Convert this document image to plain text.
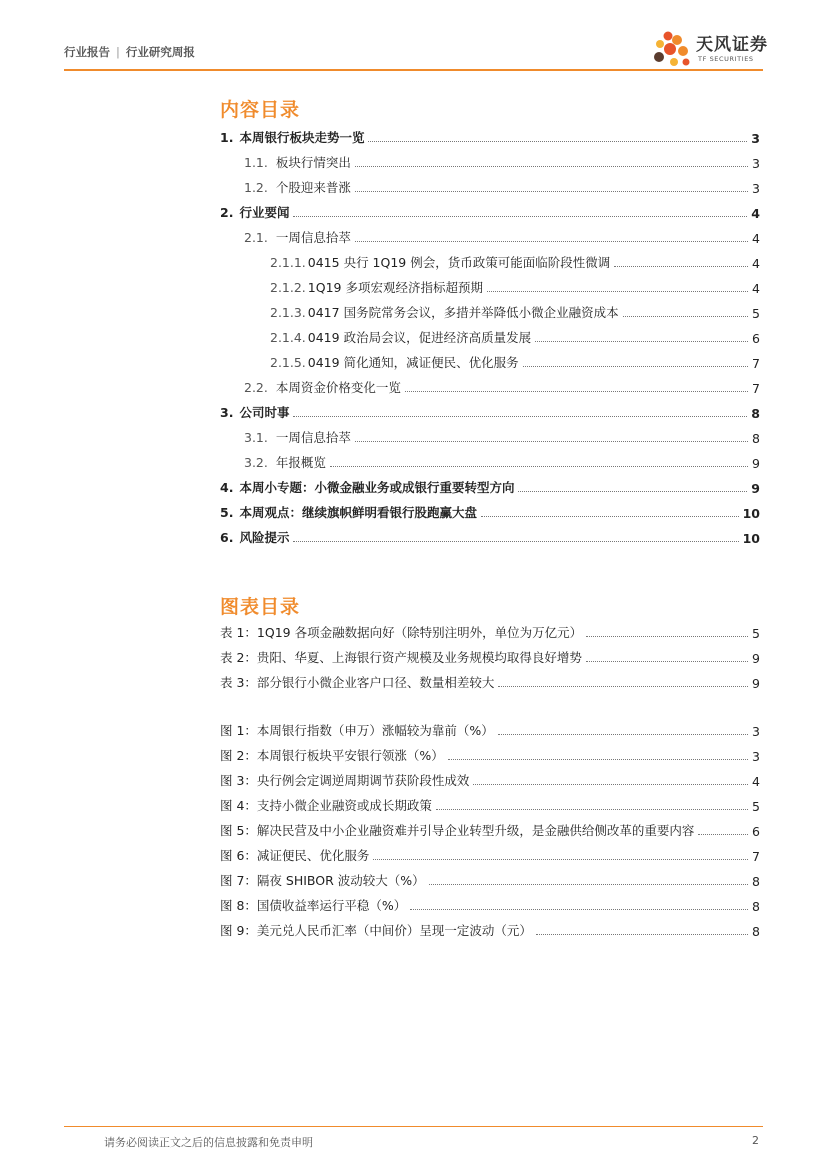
行业报告 | 行业研究周报	天风证券
TF SECURITIES
内容目录
1. 本周银行板块走势一览	3
1.1. 板块行情突出	3
1.2. 个股迎来普涨	3
2. 行业要闻	4
2.1. 一周信息拾萃	4
2.1.1. 0415 央行 1Q19 例会，货币政策可能面临阶段性微调	4
2.1.2. 1Q19 多项宏观经济指标超预期	4
2.1.3. 0417 国务院常务会议，多措并举降低小微企业融资成本	5
2.1.4. 0419 政治局会议，促进经济高质量发展	6
2.1.5. 0419 简化通知，减证便民、优化服务	7
2.2. 本周资金价格变化一览	7
3. 公司时事	8
3.1. 一周信息拾萃	8
3.2. 年报概览	9
4. 本周小专题：小微金融业务或成银行重要转型方向	9
5. 本周观点：继续旗帜鲜明看银行股跑赢大盘	10
6. 风险提示	10
图表目录
表 1：1Q19 各项金融数据向好（除特别注明外，单位为万亿元）	5
表 2：贵阳、华夏、上海银行资产规模及业务规模均取得良好增势	9
表 3：部分银行小微企业客户口径、数量相差较大	9
图 1：本周银行指数（申万）涨幅较为靠前（%）	3
图 2：本周银行板块平安银行领涨（%）	3
图 3：央行例会定调逆周期调节获阶段性成效	4
图 4：支持小微企业融资或成长期政策	5
图 5：解决民营及中小企业融资难并引导企业转型升级，是金融供给侧改革的重要内容	6
图 6：减证便民、优化服务	7
图 7：隔夜 SHIBOR 波动较大（%）	8
图 8：国债收益率运行平稳（%）	8
图 9：美元兑人民币汇率（中间价）呈现一定波动（元）	8
请务必阅读正文之后的信息披露和免责申明	2
